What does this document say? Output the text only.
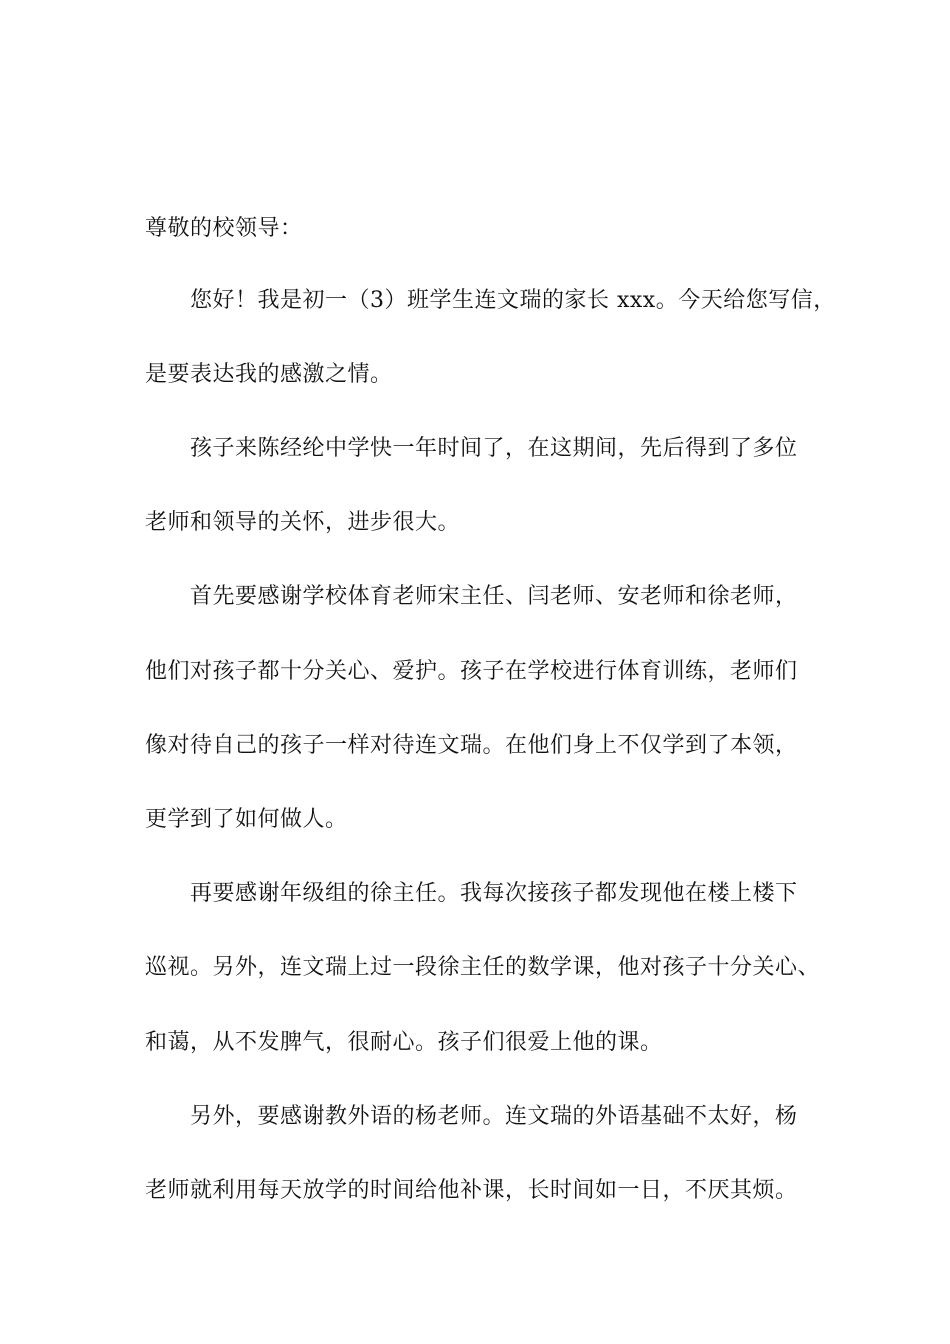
尊敬的校领导：
您好！我是初一（3）班学生连文瑞的家长 xxx。今天给您写信，
是要表达我的感激之情。
孩子来陈经纶中学快一年时间了，在这期间，先后得到了多位
老师和领导的关怀，进步很大。
首先要感谢学校体育老师宋主任、闫老师、安老师和徐老师，
他们对孩子都十分关心、爱护。孩子在学校进行体育训练，老师们
像对待自己的孩子一样对待连文瑞。在他们身上不仅学到了本领，
更学到了如何做人。
再要感谢年级组的徐主任。我每次接孩子都发现他在楼上楼下
巡视。另外，连文瑞上过一段徐主任的数学课，他对孩子十分关心、
和蔼，从不发脾气，很耐心。孩子们很爱上他的课。
另外，要感谢教外语的杨老师。连文瑞的外语基础不太好，杨
老师就利用每天放学的时间给他补课，长时间如一日，不厌其烦。
